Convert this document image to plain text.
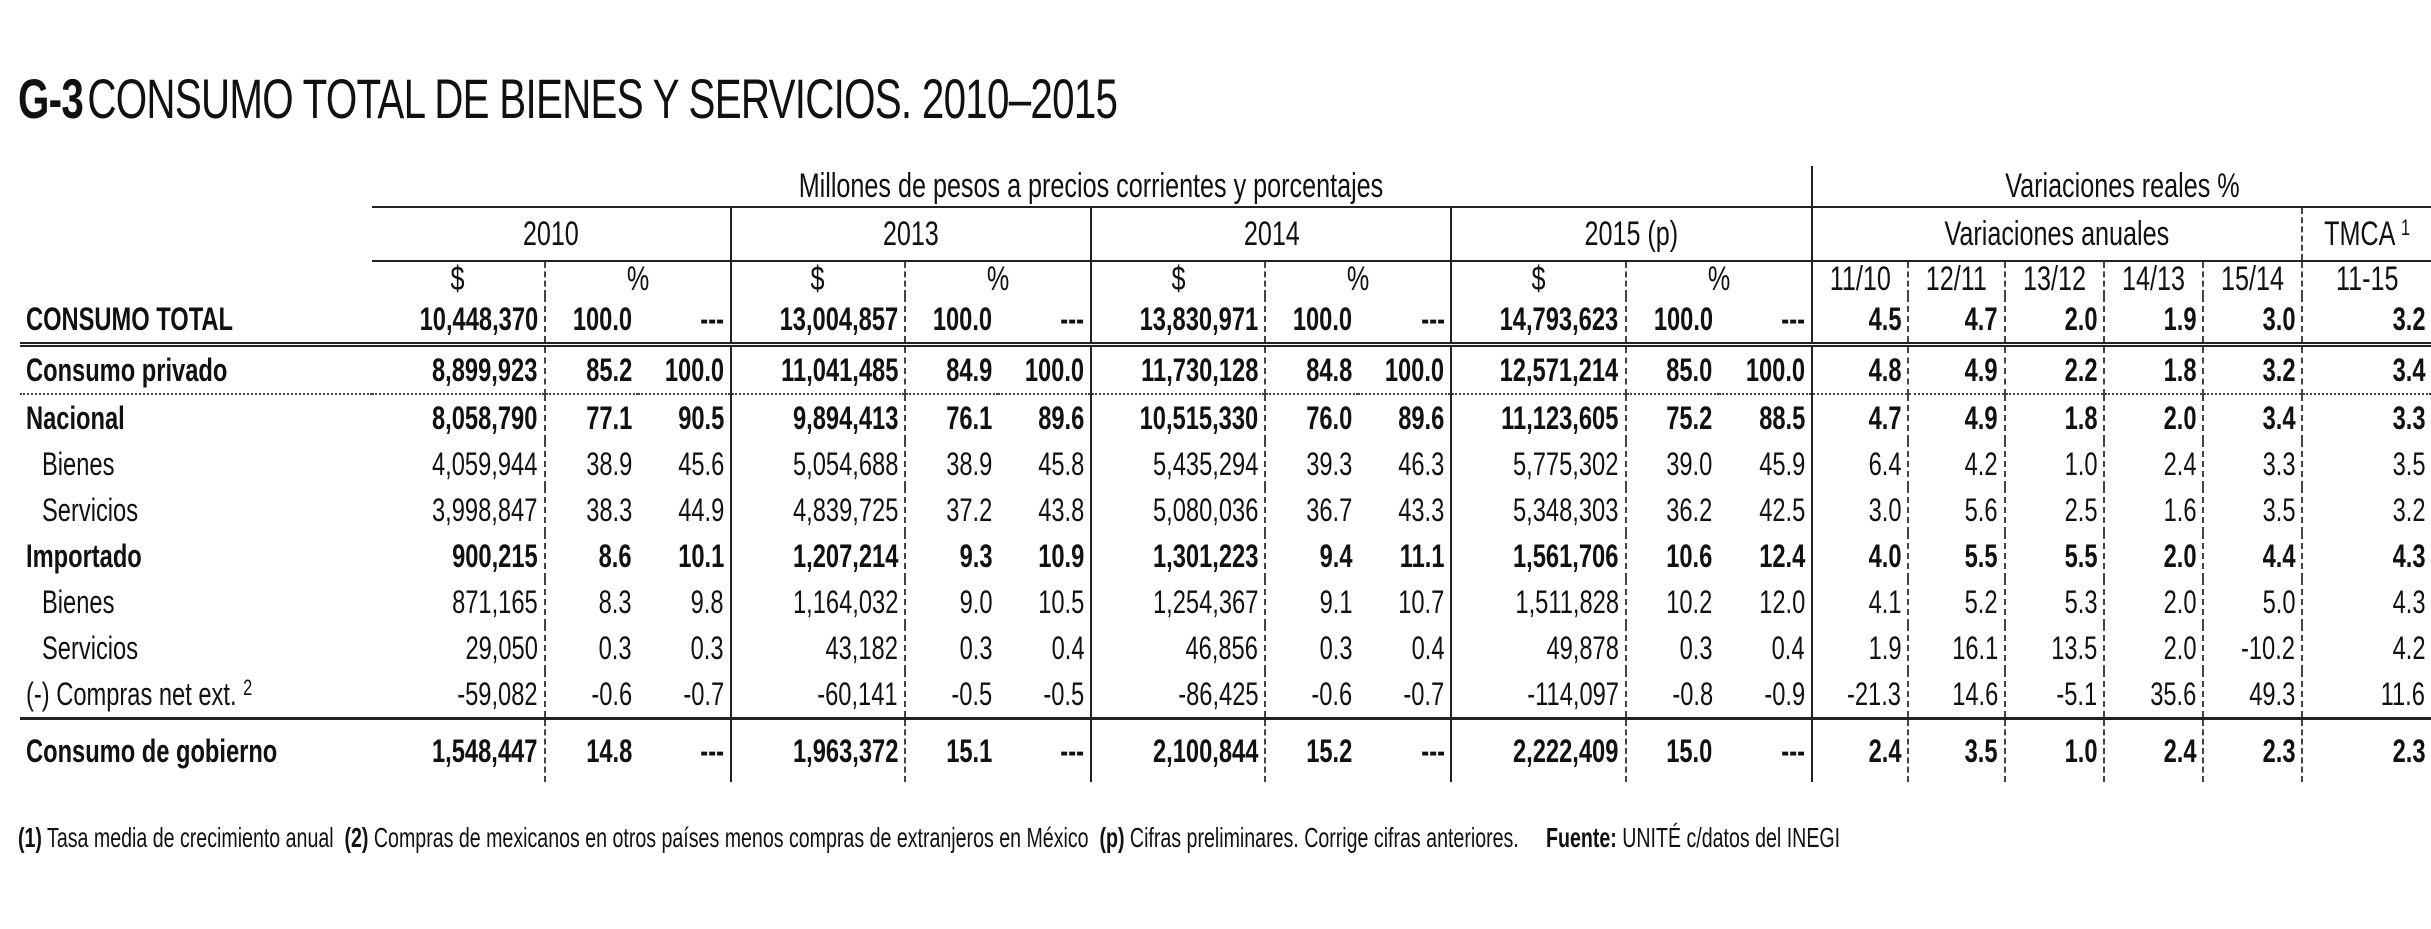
G-3CONSUMO TOTAL DE BIENES Y SERVICIOS. 2010–2015
	Millones de pesos a precios corrientes y porcentajes												Variaciones reales %					
	2010			2013			2014			2015 (p)			Variaciones anuales					TMCA $^1$
	$	%		$	%		$	%		$	%		11/10	12/11	13/12	14/13	15/14	11-15
CONSUMO TOTAL	10,448,370	100.0	---	13,004,857	100.0	---	13,830,971	100.0	---	14,793,623	100.0	---	4.5	4.7	2.0	1.9	3.0	3.2
Consumo privado	8,899,923	85.2	100.0	11,041,485	84.9	100.0	11,730,128	84.8	100.0	12,571,214	85.0	100.0	4.8	4.9	2.2	1.8	3.2	3.4
Nacional	8,058,790	77.1	90.5	9,894,413	76.1	89.6	10,515,330	76.0	89.6	11,123,605	75.2	88.5	4.7	4.9	1.8	2.0	3.4	3.3
Bienes	4,059,944	38.9	45.6	5,054,688	38.9	45.8	5,435,294	39.3	46.3	5,775,302	39.0	45.9	6.4	4.2	1.0	2.4	3.3	3.5
Servicios	3,998,847	38.3	44.9	4,839,725	37.2	43.8	5,080,036	36.7	43.3	5,348,303	36.2	42.5	3.0	5.6	2.5	1.6	3.5	3.2
Importado	900,215	8.6	10.1	1,207,214	9.3	10.9	1,301,223	9.4	11.1	1,561,706	10.6	12.4	4.0	5.5	5.5	2.0	4.4	4.3
Bienes	871,165	8.3	9.8	1,164,032	9.0	10.5	1,254,367	9.1	10.7	1,511,828	10.2	12.0	4.1	5.2	5.3	2.0	5.0	4.3
Servicios	29,050	0.3	0.3	43,182	0.3	0.4	46,856	0.3	0.4	49,878	0.3	0.4	1.9	16.1	13.5	2.0	-10.2	4.2
(-) Compras net ext. $^2$	-59,082	-0.6	-0.7	-60,141	-0.5	-0.5	-86,425	-0.6	-0.7	-114,097	-0.8	-0.9	-21.3	14.6	-5.1	35.6	49.3	11.6
Consumo de gobierno	1,548,447	14.8	---	1,963,372	15.1	---	2,100,844	15.2	---	2,222,409	15.0	---	2.4	3.5	1.0	2.4	2.3	2.3
(1) Tasa media de crecimiento anual (2) Compras de mexicanos en otros países menos compras de extranjeros en México (p) Cifras preliminares. Corrige cifras anteriores. Fuente: UNITÉ c/datos del INEGI
